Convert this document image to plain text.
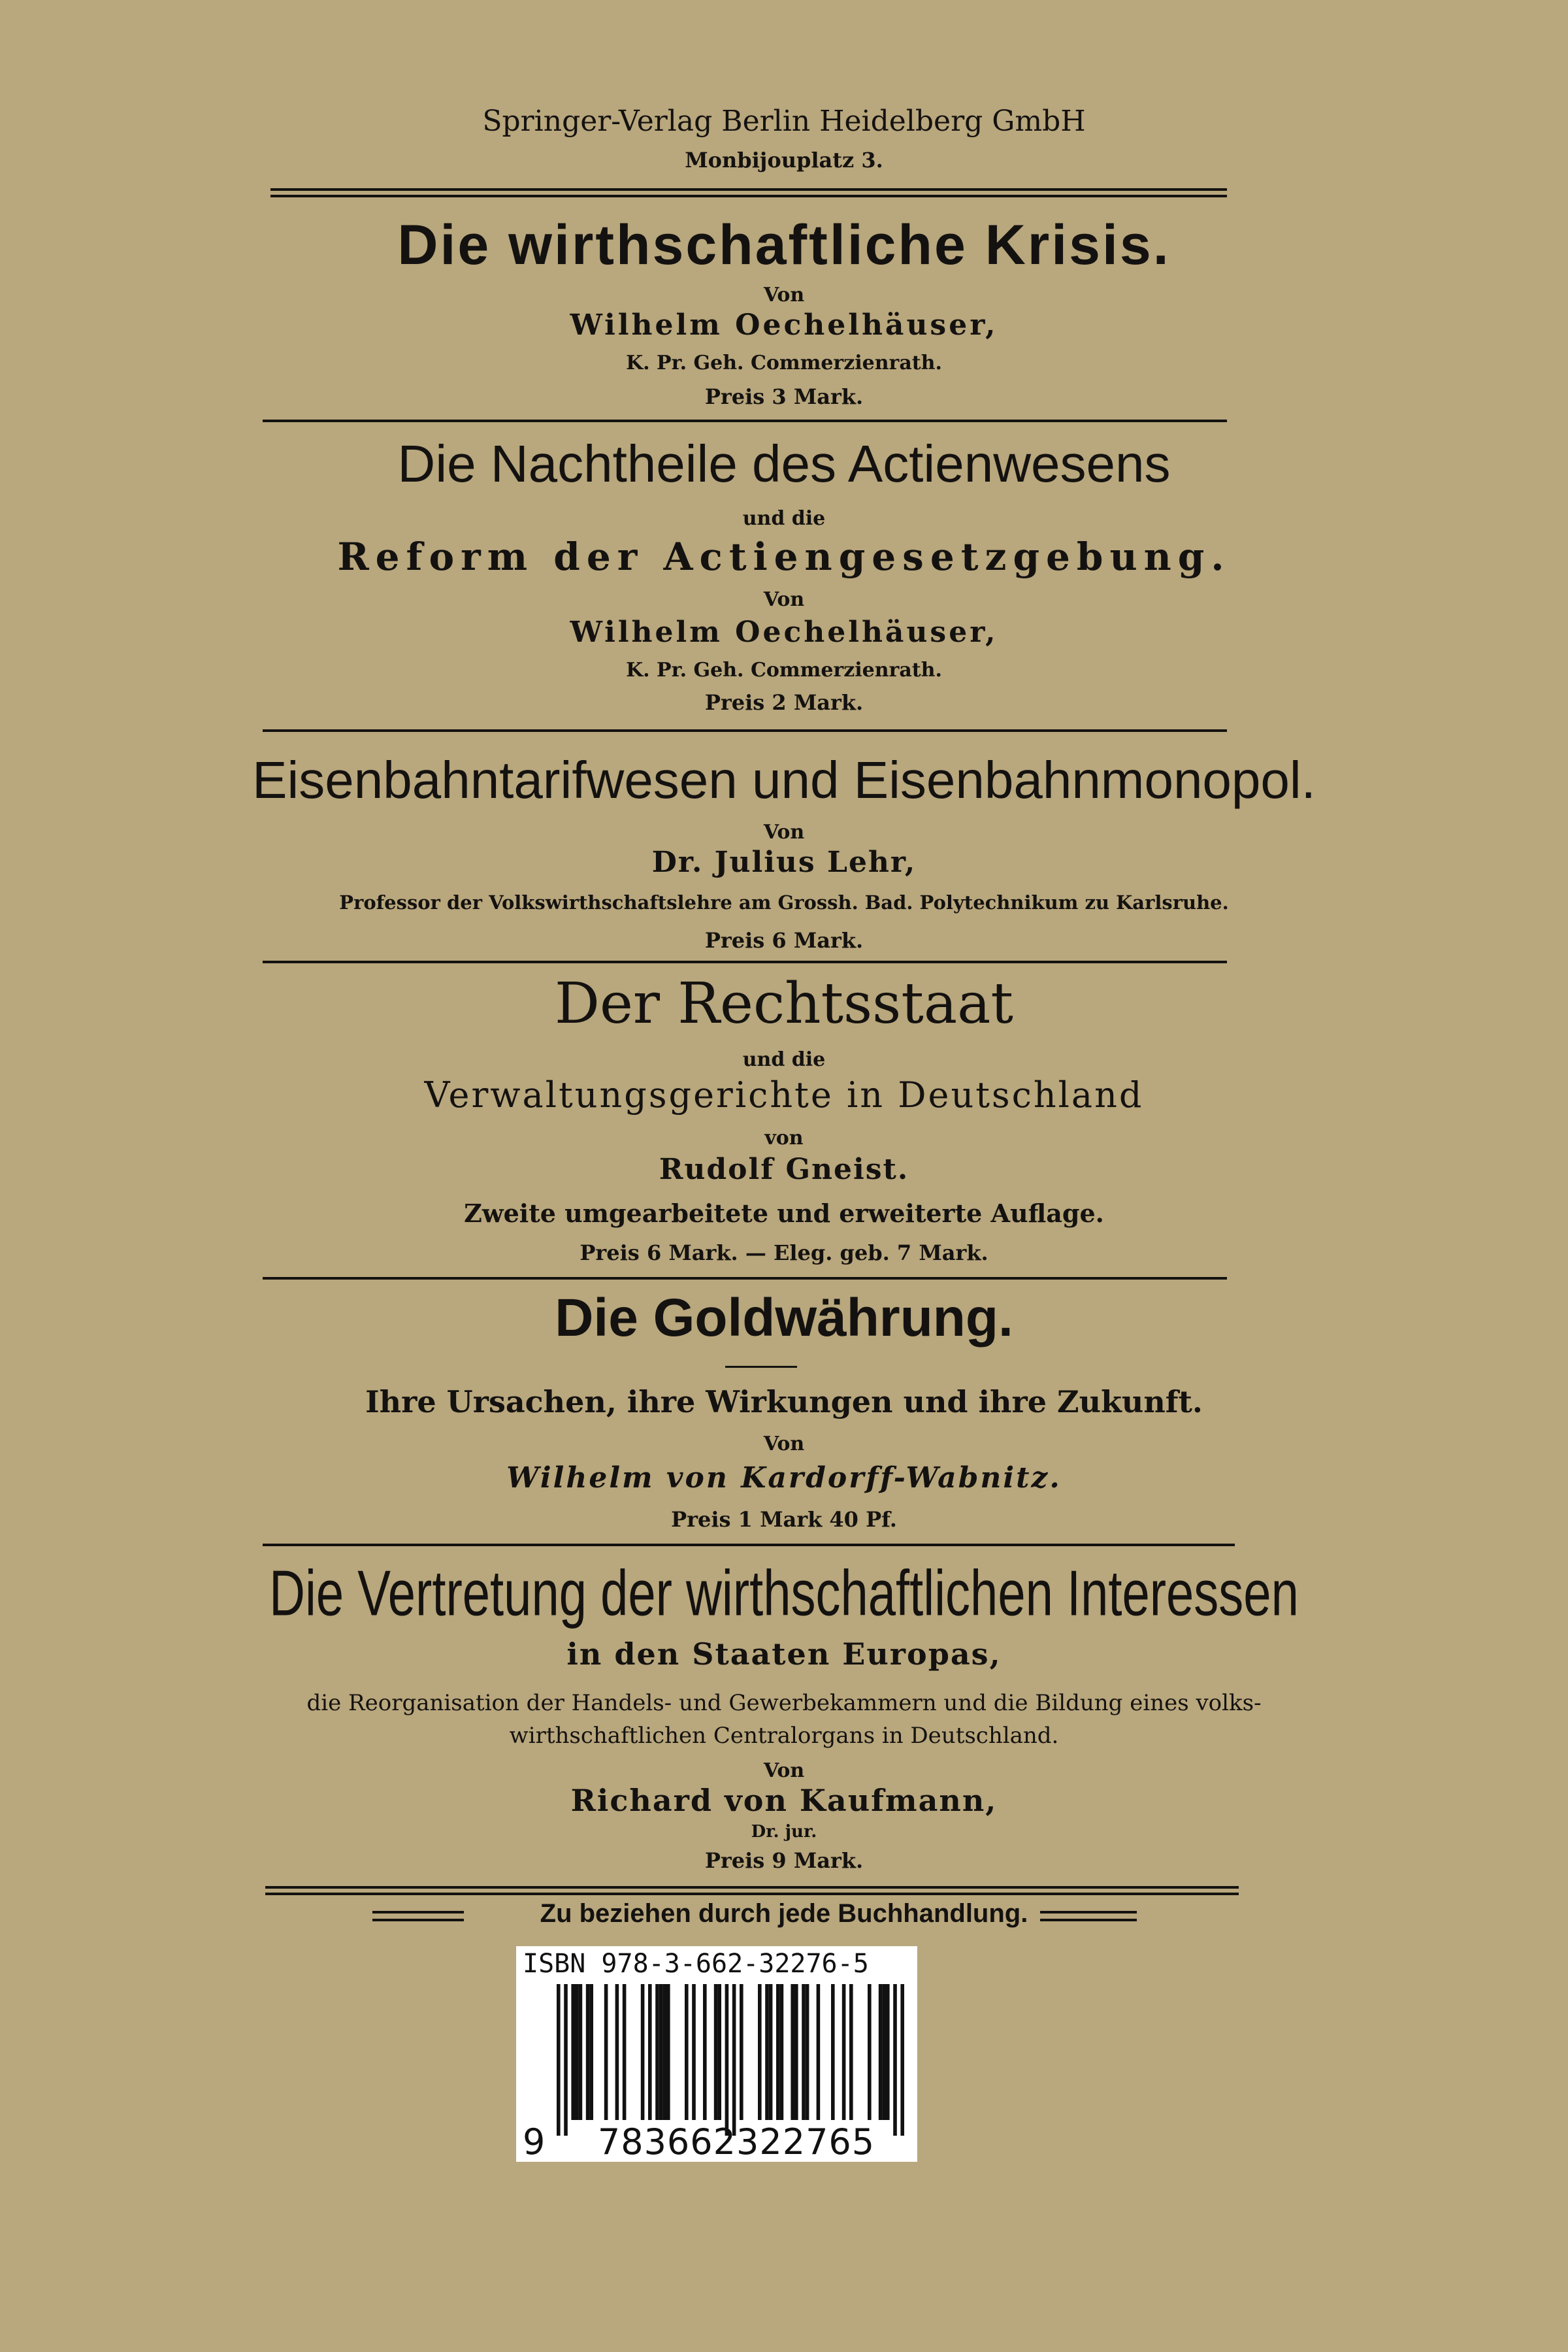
Springer-Verlag Berlin Heidelberg GmbH
Monbijouplatz 3.
Die wirthschaftliche Krisis.
Von
Wilhelm Oechelhäuser,
K. Pr. Geh. Commerzienrath.
Preis 3 Mark.
Die Nachtheile des Actienwesens
und die
Reform der Actiengesetzgebung.
Von
Wilhelm Oechelhäuser,
K. Pr. Geh. Commerzienrath.
Preis 2 Mark.
Eisenbahntarifwesen und Eisenbahnmonopol.
Von
Dr. Julius Lehr,
Professor der Volkswirthschaftslehre am Grossh. Bad. Polytechnikum zu Karlsruhe.
Preis 6 Mark.
Der Rechtsstaat
und die
Verwaltungsgerichte in Deutschland
von
Rudolf Gneist.
Zweite umgearbeitete und erweiterte Auflage.
Preis 6 Mark. — Eleg. geb. 7 Mark.
Die Goldwährung.
Ihre Ursachen, ihre Wirkungen und ihre Zukunft.
Von
Wilhelm von Kardorff-Wabnitz.
Preis 1 Mark 40 Pf.
Die Vertretung der wirthschaftlichen Interessen
in den Staaten Europas,
die Reorganisation der Handels- und Gewerbekammern und die Bildung eines volks-
wirthschaftlichen Centralorgans in Deutschland.
Von
Richard von Kaufmann,
Dr. jur.
Preis 9 Mark.
Zu beziehen durch jede Buchhandlung.
ISBN 978-3-662-32276-5
9	783662322765
